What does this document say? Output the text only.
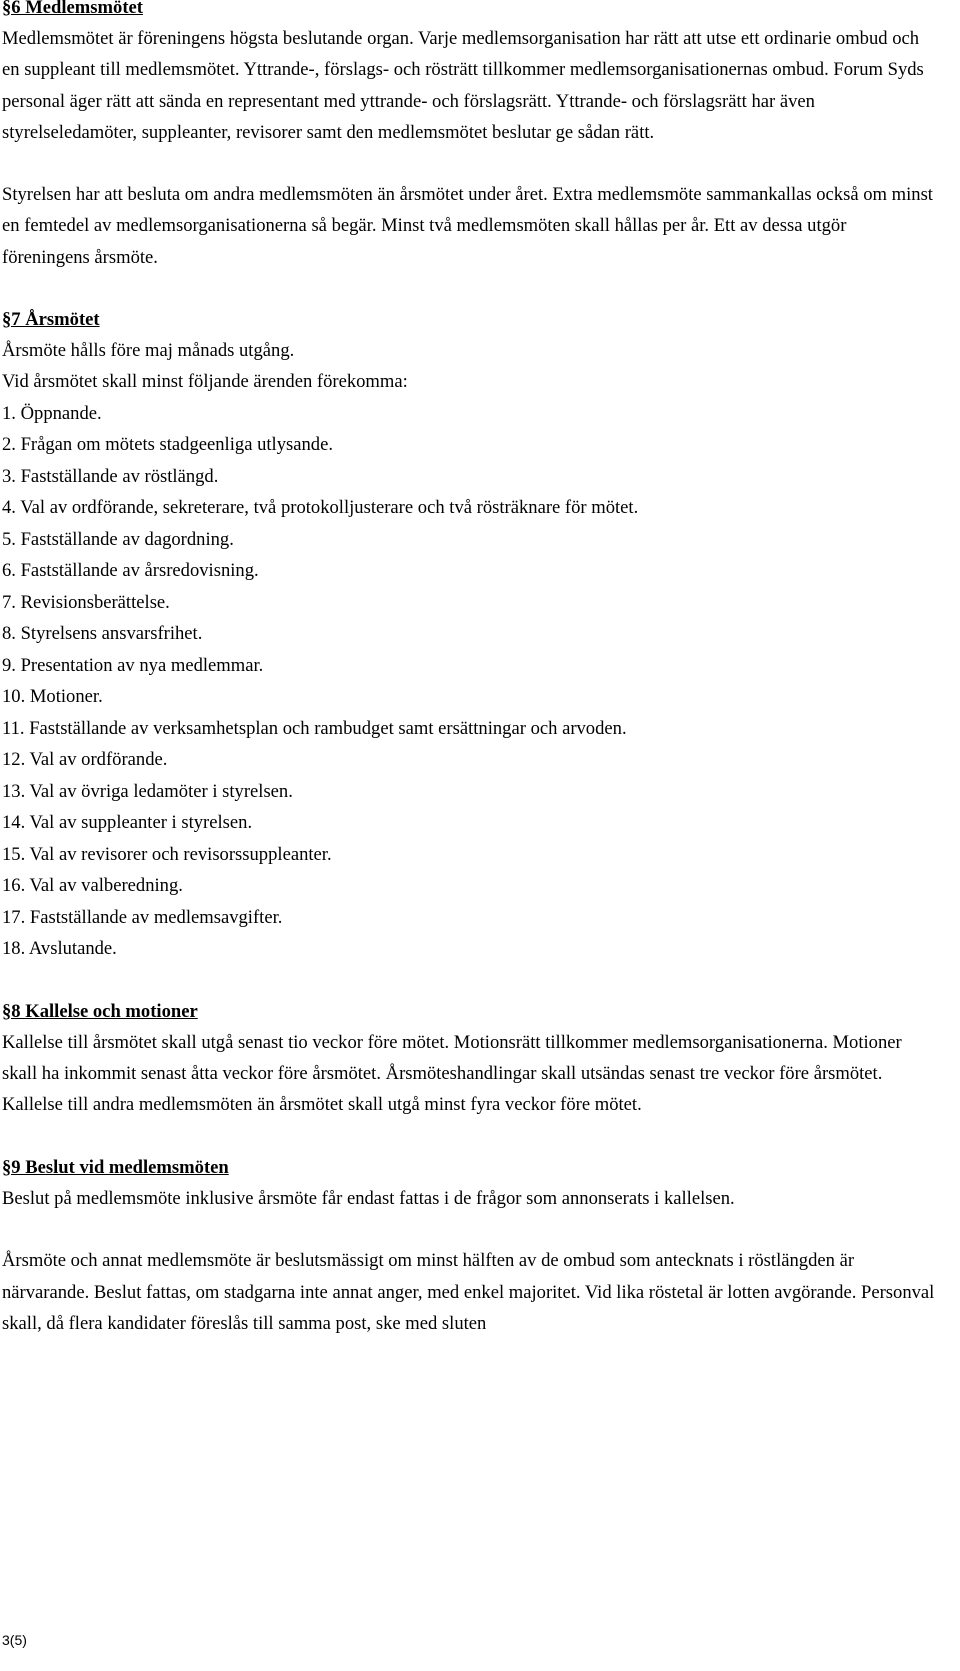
§6 Medlemsmötet

Medlemsmötet är föreningens högsta beslutande organ. Varje medlemsorganisation har rätt att utse ett ordinarie ombud och en suppleant till medlemsmötet. Yttrande-, förslags- och rösträtt tillkommer medlemsorganisationernas ombud. Forum Syds personal äger rätt att sända en representant med yttrande- och förslagsrätt. Yttrande- och förslagsrätt har även styrelseledamöter, suppleanter, revisorer samt den medlemsmötet beslutar ge sådan rätt.

Styrelsen har att besluta om andra medlemsmöten än årsmötet under året. Extra medlemsmöte sammankallas också om minst en femtedel av medlemsorganisationerna så begär. Minst två medlemsmöten skall hållas per år. Ett av dessa utgör föreningens årsmöte.

§7 Årsmötet

Årsmöte hålls före maj månads utgång.

Vid årsmötet skall minst följande ärenden förekomma:

1. Öppnande.
2. Frågan om mötets stadgeenliga utlysande.
3. Fastställande av röstlängd.
4. Val av ordförande, sekreterare, två protokolljusterare och två rösträknare för mötet.
5. Fastställande av dagordning.
6. Fastställande av årsredovisning.
7. Revisionsberättelse.
8. Styrelsens ansvarsfrihet.
9. Presentation av nya medlemmar.
10. Motioner.
11. Fastställande av verksamhetsplan och rambudget samt ersättningar och arvoden.
12. Val av ordförande.
13. Val av övriga ledamöter i styrelsen.
14. Val av suppleanter i styrelsen.
15. Val av revisorer och revisorssuppleanter.
16. Val av valberedning.
17. Fastställande av medlemsavgifter.
18. Avslutande.
§8 Kallelse och motioner

Kallelse till årsmötet skall utgå senast tio veckor före mötet. Motionsrätt tillkommer medlemsorganisationerna. Motioner skall ha inkommit senast åtta veckor före årsmötet. Årsmöteshandlingar skall utsändas senast tre veckor före årsmötet. Kallelse till andra medlemsmöten än årsmötet skall utgå minst fyra veckor före mötet.

§9 Beslut vid medlemsmöten

Beslut på medlemsmöte inklusive årsmöte får endast fattas i de frågor som annonserats i kallelsen.

Årsmöte och annat medlemsmöte är beslutsmässigt om minst hälften av de ombud som antecknats i röstlängden är närvarande. Beslut fattas, om stadgarna inte annat anger, med enkel majoritet. Vid lika röstetal är lotten avgörande. Personval skall, då flera kandidater föreslås till samma post, ske med sluten

3(5)
